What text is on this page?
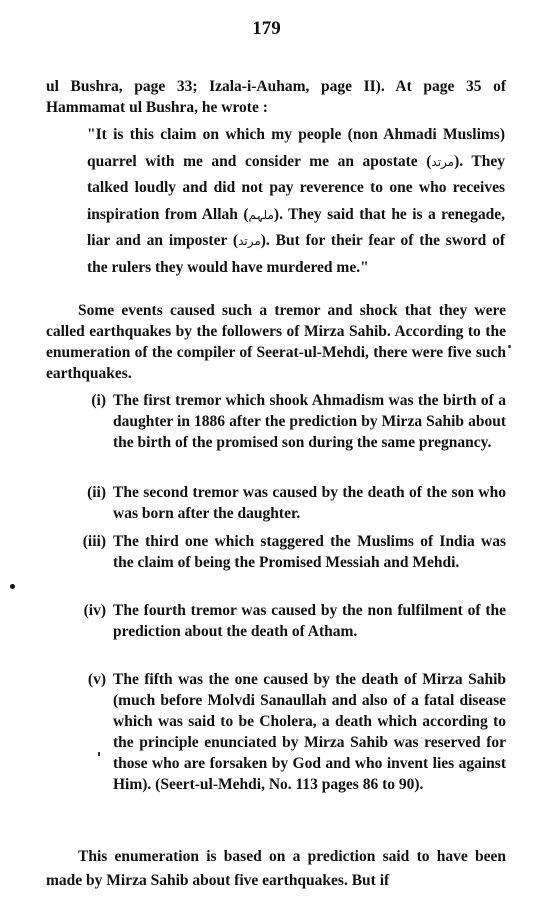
179
ul Bushra, page 33; Izala-i-Auham, page II). At page 35 of Hammamat ul Bushra, he wrote :
"It is this claim on which my people (non Ahmadi Muslims) quarrel with me and consider me an apostate (مرتد). They talked loudly and did not pay reverence to one who receives inspiration from Allah (ملہم). They said that he is a renegade, liar and an imposter (مرتد). But for their fear of the sword of the rulers they would have murdered me."
Some events caused such a tremor and shock that they were called earthquakes by the followers of Mirza Sahib. According to the enumeration of the compiler of Seerat-ul-Mehdi, there were five such earthquakes.
(i) The first tremor which shook Ahmadism was the birth of a daughter in 1886 after the prediction by Mirza Sahib about the birth of the promised son during the same pregnancy.
(ii) The second tremor was caused by the death of the son who was born after the daughter.
(iii) The third one which staggered the Muslims of India was the claim of being the Promised Messiah and Mehdi.
(iv) The fourth tremor was caused by the non fulfilment of the prediction about the death of Atham.
(v) The fifth was the one caused by the death of Mirza Sahib (much before Molvdi Sanaullah and also of a fatal disease which was said to be Cholera, a death which according to the principle enunciated by Mirza Sahib was reserved for those who are forsaken by God and who invent lies against Him). (Seert-ul-Mehdi, No. 113 pages 86 to 90).
This enumeration is based on a prediction said to have been made by Mirza Sahib about five earthquakes. But if
